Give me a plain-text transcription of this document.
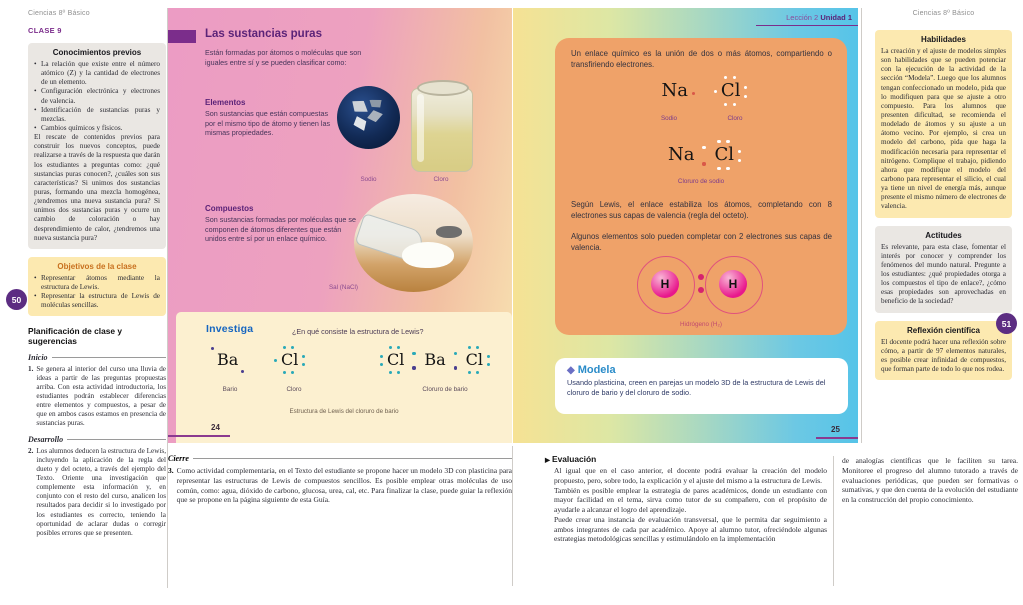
Ciencias 8º Básico
CLASE 9
Conocimientos previos
• La relación que existe entre el número atómico (Z) y la cantidad de electrones de un elemento.
• Configuración electrónica y electrones de valencia.
• Identificación de sustancias puras y mezclas.
• Cambios químicos y físicos.
El rescate de contenidos previos para construir los nuevos conceptos, puede realizarse a través de la respuesta que darán los estudiantes a preguntas como: ¿qué sustancias puras conocen?, ¿cuáles son sus características? Si unimos dos sustancias puras, formando una mezcla homogénea, ¿tendremos una nueva sustancia pura? Si unimos dos sustancias puras y ocurre un cambio de coloración o hay desprendimiento de calor, ¿tendremos una nueva sustancia pura?
Objetivos de la clase
• Representar átomos mediante la estructura de Lewis.
• Representar la estructura de Lewis de moléculas sencillas.
Planificación de clase y sugerencias
Inicio
1. Se genera al interior del curso una lluvia de ideas a partir de las preguntas propuestas arriba. Con esta actividad introductoria, los estudiantes podrán establecer diferencias entre elementos y compuestos, a pesar de que en ambos casos estamos en presencia de sustancias puras.
Desarrollo
2. Los alumnos deducen la estructura de Lewis, incluyendo la aplicación de la regla del dueto y del octeto, a través del ejemplo del Texto. Oriente una investigación que complemente esta información y, en conjunto con el resto del curso, analicen los resultados para decidir si lo investigado por los estudiantes es correcto, teniendo la oportunidad de aclarar dudas o corregir posibles errores que se presenten.
50
Las sustancias puras
Están formadas por átomos o moléculas que son iguales entre sí y se pueden clasificar como:
Elementos
Son sustancias que están compuestas por el mismo tipo de átomo y tienen las mismas propiedades.
Sodio	Cloro
Compuestos
Son sustancias formadas por moléculas que se componen de átomos diferentes que están unidos entre sí por un enlace químico.
Sal (NaCl)
Investiga	¿En qué consiste la estructura de Lewis?
Ba
Bario
Cl
Cloro
Cl Ba Cl
Cloruro de bario
Estructura de Lewis del cloruro de bario
24
Lección 2 Unidad 1
Un enlace químico es la unión de dos o más átomos, compartiendo o transfiriendo electrones.
Na Cl
Sodio	Cloro
Na Cl
Cloruro de sodio
Según Lewis, el enlace estabiliza los átomos, completando con 8 electrones sus capas de valencia (regla del octeto).
Algunos elementos solo pueden completar con 2 electrones sus capas de valencia.
H	H
Hidrógeno (H₂)
◆ Modela
Usando plasticina, creen en parejas un modelo 3D de la estructura de Lewis del cloruro de bario y del cloruro de sodio.
25
Ciencias 8º Básico
Habilidades
La creación y el ajuste de modelos simples son habilidades que se pueden potenciar con la ejecución de la actividad de la sección “Modela”. Luego que los alumnos tengan confeccionado un modelo, pida que lo modifiquen para que se ajuste a otro compuesto. Para los alumnos que presenten dificultad, se recomienda el modelado de átomos y su ajuste a un átomo vecino. Por ejemplo, si crea un modelo del carbono, pida que haga la modificación necesaria para representar el nitrógeno. Complique el trabajo, pidiendo ahora que modifique el modelo del carbono para representar el silicio, el cual ya tiene un nivel de energía más, aunque presente el mismo número de electrones de valencia.
Actitudes
Es relevante, para esta clase, fomentar el interés por conocer y comprender los fenómenos del mundo natural. Pregunte a los estudiantes: ¿qué propiedades otorga a los compuestos el tipo de enlace?, ¿cómo esas propiedades son aprovechadas en beneficio de la sociedad?
Reflexión científica
El docente podrá hacer una reflexión sobre cómo, a partir de 97 elementos naturales, es posible crear infinidad de compuestos, que forman parte de todo lo que nos rodea.
51
Cierre
3. Como actividad complementaria, en el Texto del estudiante se propone hacer un modelo 3D con plasticina para representar las estructuras de Lewis de compuestos sencillos. Es posible emplear otras moléculas de uso común, como: agua, dióxido de carbono, glucosa, urea, cal, etc. Para finalizar la clase, puede guiar la reflexión que se propone en la página siguiente de esta Guía.
▶ Evaluación
Al igual que en el caso anterior, el docente podrá evaluar la creación del modelo propuesto, pero, sobre todo, la explicación y el ajuste del mismo a la estructura de Lewis.
También es posible emplear la estrategia de pares académicos, donde un estudiante con mayor facilidad en el tema, sirva como tutor de su compañero, con el propósito de ayudarle a alcanzar el logro del aprendizaje.
Puede crear una instancia de evaluación transversal, que le permita dar seguimiento a ambos integrantes de cada par académico. Apoye al alumno tutor, ofreciéndole algunas estrategias metodológicas sencillas y estimulándolo en la implementación
de analogías científicas que le faciliten su tarea. Monitoree el progreso del alumno tutorado a través de evaluaciones periódicas, que pueden ser formativas o sumativas, y que den cuenta de la evolución del estudiante en la construcción del propio conocimiento.
